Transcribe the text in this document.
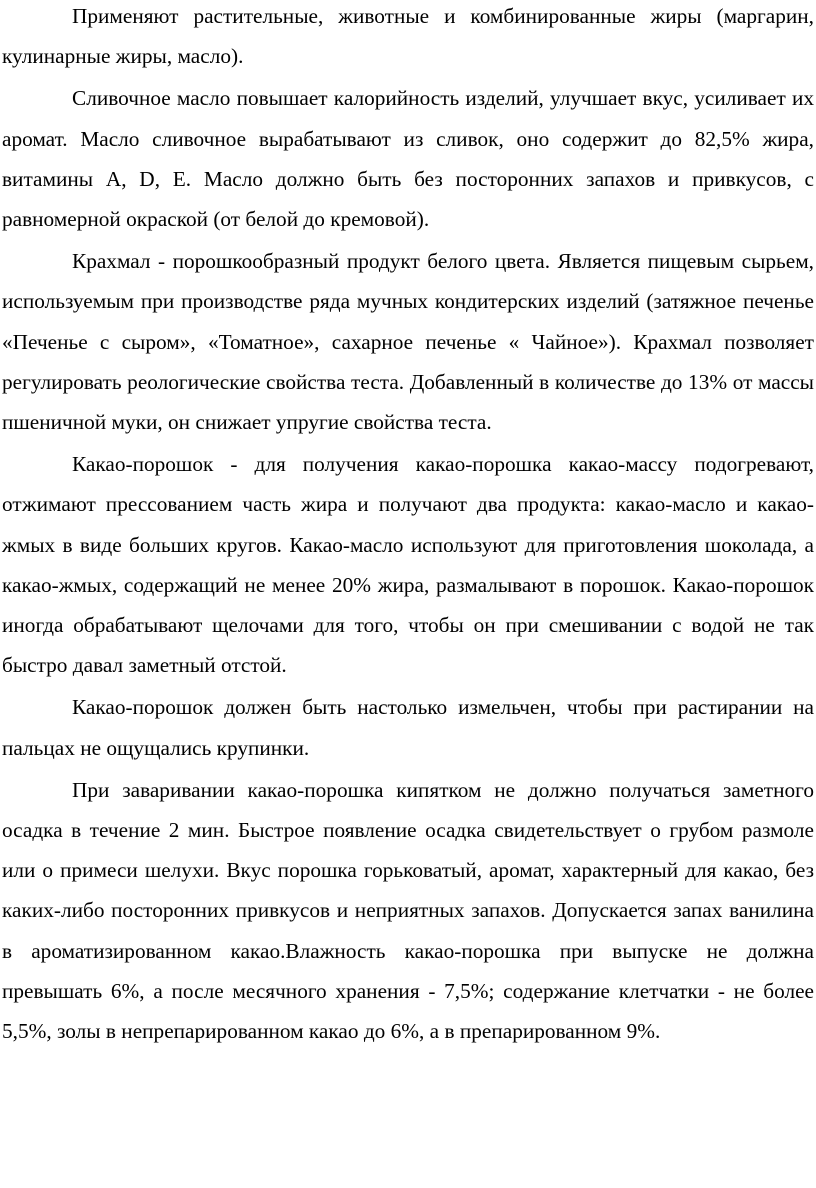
Применяют растительные, животные и комбинированные жиры (маргарин, кулинарные жиры, масло).

Сливочное масло повышает калорийность изделий, улучшает вкус, усиливает их аромат. Масло сливочное вырабатывают из сливок, оно содержит до 82,5% жира, витамины A, D, E. Масло должно быть без посторонних запахов и привкусов, с равномерной окраской (от белой до кремовой).

Крахмал - порошкообразный продукт белого цвета. Является пищевым сырьем, используемым при производстве ряда мучных кондитерских изделий (затяжное печенье «Печенье с сыром», «Томатное», сахарное печенье « Чайное»). Крахмал позволяет регулировать реологические свойства теста. Добавленный в количестве до 13% от массы пшеничной муки, он снижает упругие свойства теста.

Какао-порошок - для получения какао-порошка какао-массу подогревают, отжимают прессованием часть жира и получают два продукта: какао-масло и какао-жмых в виде больших кругов. Какао-масло используют для приготовления шоколада, а какао-жмых, содержащий не менее 20% жира, размалывают в порошок. Какао-порошок иногда обрабатывают щелочами для того, чтобы он при смешивании с водой не так быстро давал заметный отстой.

Какао-порошок должен быть настолько измельчен, чтобы при растирании на пальцах не ощущались крупинки.

При заваривании какао-порошка кипятком не должно получаться заметного осадка в течение 2 мин. Быстрое появление осадка свидетельствует о грубом размоле или о примеси шелухи. Вкус порошка горьковатый, аромат, характерный для какао, без каких-либо посторонних привкусов и неприятных запахов. Допускается запах ванилина в ароматизированном какао.Влажность какао-порошка при выпуске не должна превышать 6%, а после месячного хранения - 7,5%; содержание клетчатки - не более 5,5%, золы в непрепарированном какао до 6%, а в препарированном 9%.
